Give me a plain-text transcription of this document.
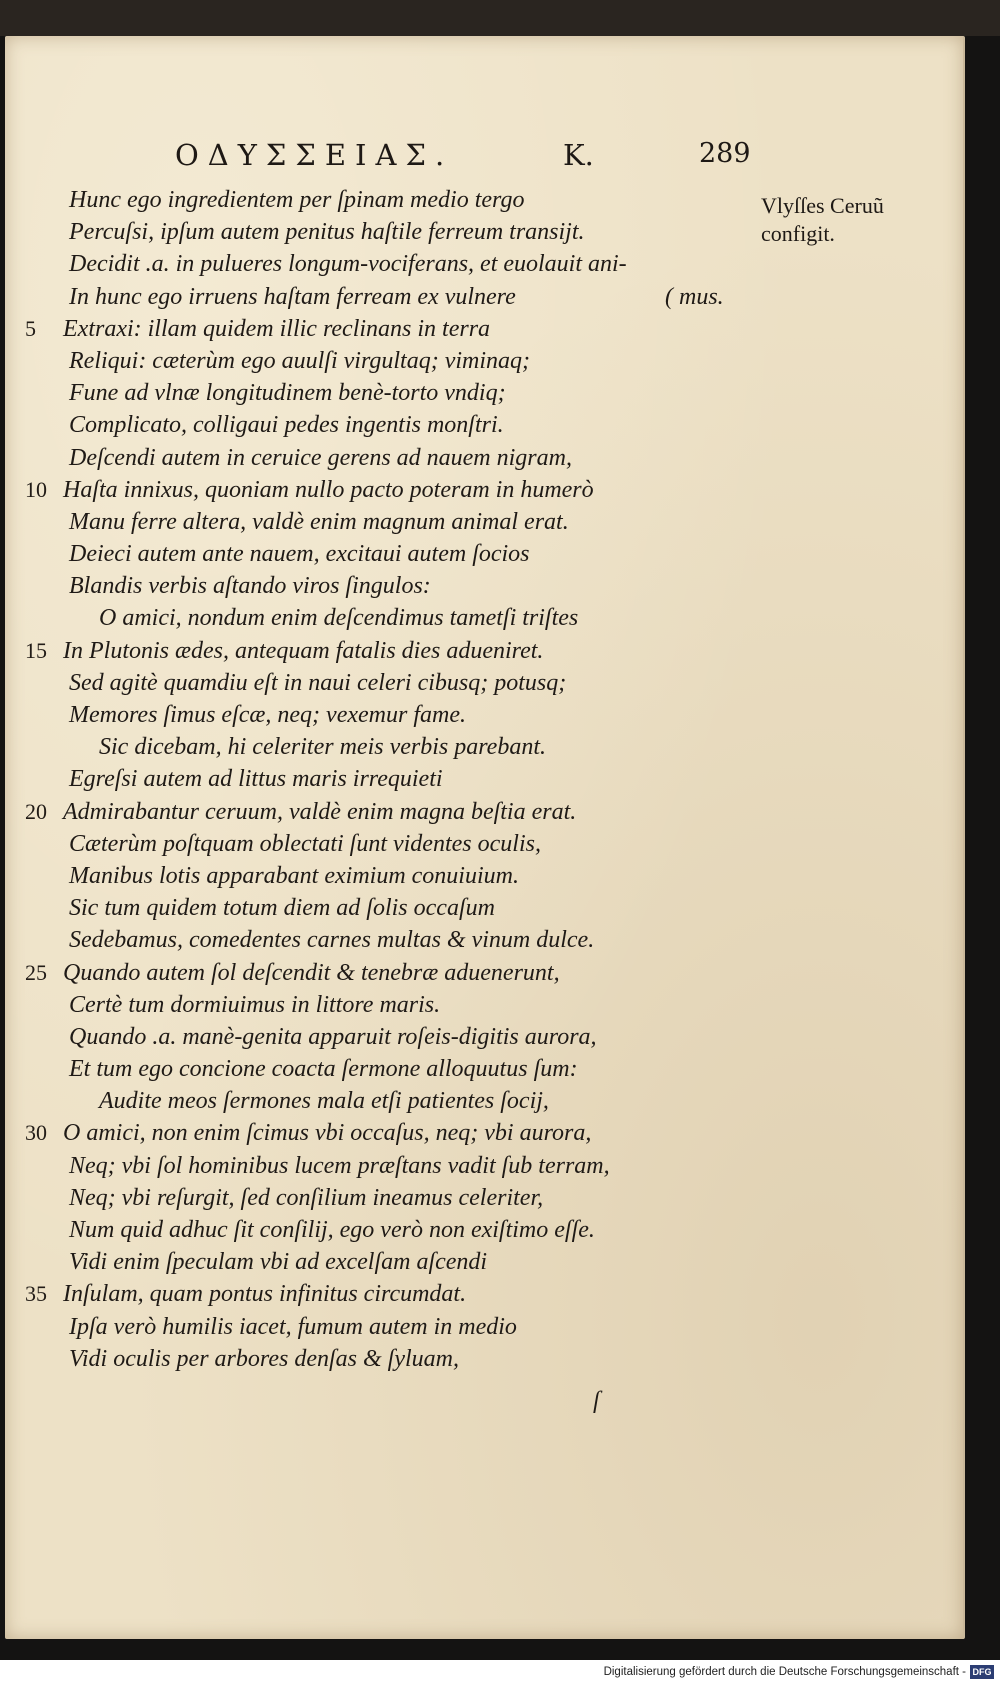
ΟΔΥΣΣΕΙΑΣ.	Κ.	289
Vlyſſes Ceruũ
configit.
Hunc ego ingredientem per ſpinam medio tergo
Percuſsi, ipſum autem penitus haſtile ferreum transijt.
Decidit .a. in pulueres longum-vociferans, et euolauit ani-
In hunc ego irruens haſtam ferream ex vulnere	( mus.
5	Extraxi: illam quidem illic reclinans in terra
Reliqui: cæterùm ego auulſi virgultaq; viminaq;
Fune ad vlnæ longitudinem benè-torto vndiq;
Complicato, colligaui pedes ingentis monſtri.
Deſcendi autem in ceruice gerens ad nauem nigram,
10 Haſta innixus, quoniam nullo pacto poteram in humerò
Manu ferre altera, valdè enim magnum animal erat.
Deieci autem ante nauem, excitaui autem ſocios
Blandis verbis aſtando viros ſingulos:
O amici, nondum enim deſcendimus tametſi triſtes
15 In Plutonis ædes, antequam fatalis dies adueniret.
Sed agitè quamdiu eſt in naui celeri cibusq; potusq;
Memores ſimus eſcæ, neq; vexemur fame.
Sic dicebam, hi celeriter meis verbis parebant.
Egreſsi autem ad littus maris irrequieti
20 Admirabantur ceruum, valdè enim magna beſtia erat.
Cæterùm poſtquam oblectati ſunt videntes oculis,
Manibus lotis apparabant eximium conuiuium.
Sic tum quidem totum diem ad ſolis occaſum
Sedebamus, comedentes carnes multas & vinum dulce.
25 Quando autem ſol deſcendit & tenebræ aduenerunt,
Certè tum dormiuimus in littore maris.
Quando .a. manè-genita apparuit roſeis-digitis aurora,
Et tum ego concione coacta ſermone alloquutus ſum:
Audite meos ſermones mala etſi patientes ſocij,
30 O amici, non enim ſcimus vbi occaſus, neq; vbi aurora,
Neq; vbi ſol hominibus lucem præſtans vadit ſub terram,
Neq; vbi reſurgit, ſed conſilium ineamus celeriter,
Num quid adhuc ſit conſilij, ego verò non exiſtimo eſſe.
Vidi enim ſpeculam vbi ad excelſam aſcendi
35 Inſulam, quam pontus infinitus circumdat.
Ipſa verò humilis iacet, fumum autem in medio
Vidi oculis per arbores denſas & ſyluam,
ſ
Digitalisierung gefördert durch die Deutsche Forschungsgemeinschaft - DFG
